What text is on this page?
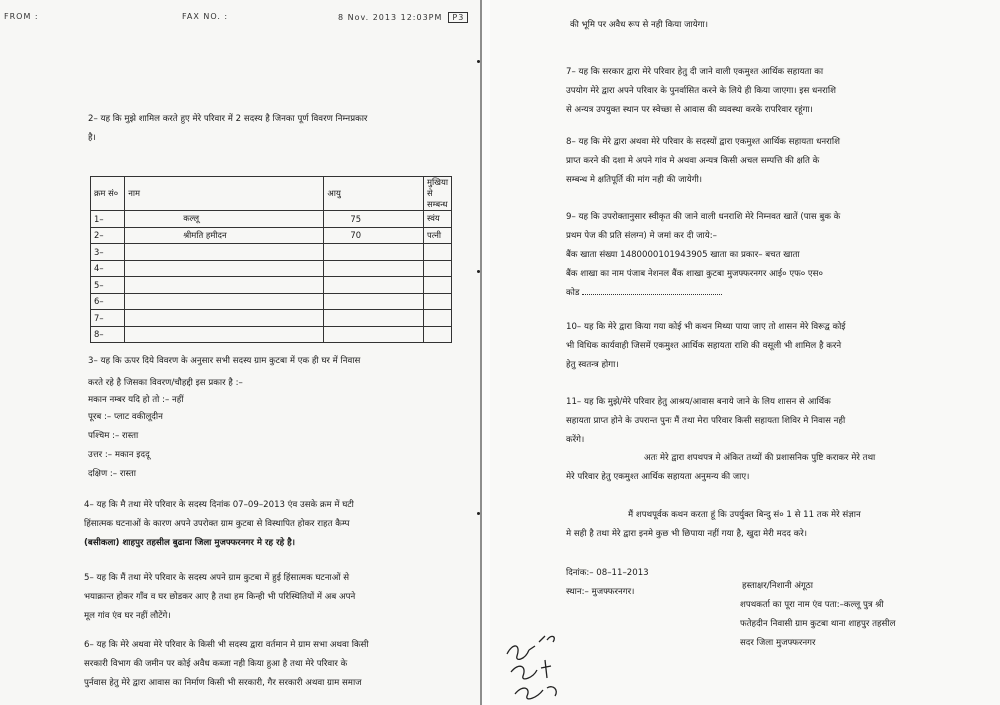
FROM :	FAX NO. :	8 Nov. 2013 12:03PM P3
2– यह कि मुझे शामिल करते हुए मेरे परिवार में 2 सदस्य है जिनका पूर्ण विवरण निम्नप्रकार
है।
क्रम सं०	नाम	आयु	मुखिया से सम्बन्ध
1–	कल्लू	75	स्वंय
2–	श्रीमति हमीदन	70	पत्नी
3–			
4–			
5–			
6–			
7–			
8–			
3– यह कि ऊपर दिये विवरण के अनुसार सभी सदस्य ग्राम कुटबा में एक ही घर में निवास
करते रहे है जिसका विवरण/चौहद्दी इस प्रकार है :–
मकान नम्बर यदि हो तो :– नहीं
पूरब :– प्लाट वकीलूदीन
पश्चिम :– रास्ता
उत्तर :– मकान इददू
दक्षिण :– रास्ता
4– यह कि मै तथा मेरे परिवार के सदस्य दिनांक 07–09–2013 एंव उसके क्रम में घटी
हिंसात्मक घटनाओं के कारण अपने उपरोक्त ग्राम कुटबा से विस्थापित होकर राहत कैम्प
(बसीकला) शाहपुर तहसील बुढाना जिला मुजफ्फरनगर मे रह रहे है।
5– यह कि मैं तथा मेरे परिवार के सदस्य अपने ग्राम कुटबा में हुई हिंसात्मक घटनाओं से
भयाक्रान्त होकर गाँव व घर छोडकर आए है तथा हम किन्ही भी परिस्थितियों में अब अपने
मूल गांव एंव घर नहीं लौटेंगे।
6– यह कि मेरे अथवा मेरे परिवार के किसी भी सदस्य द्वारा वर्तमान मे ग्राम सभा अथवा किसी
सरकारी विभाग की जमीन पर कोई अवैध कब्जा नही किया हुआ है तथा मेरे परिवार के
पुर्नवास हेतु मेरे द्वारा आवास का निर्माण किसी भी सरकारी, गैर सरकारी अथवा ग्राम समाज
की भूमि पर अवैध रूप से नही किया जायेगा।
7– यह कि सरकार द्वारा मेरे परिवार हेतु दी जाने वाली एकमुश्त आर्थिक सहायता का
उपयोग मेरे द्वारा अपने परिवार के पुनर्वासित करने के लिये ही किया जाएगा। इस धनराशि
से अन्यत्र उपयुक्त स्थान पर स्वेच्छा से आवास की व्यवस्था करके रापरिवार रहूंगा।
8– यह कि मेरे द्वारा अथवा मेरे परिवार के सदस्यों द्वारा एकमुश्त आर्थिक सहायता धनराशि
प्राप्त करने की दशा मे अपने गांव मे अथवा अन्यत्र किसी अचल सम्पत्ति की क्षति के
सम्बन्ध मे क्षतिपूर्ति की मांग नही की जायेगी।
9– यह कि उपरोक्तानुसार स्वीकृत की जाने वाली धनराशि मेरे निम्नवत खातें (पास बुक के
प्रथम पेज की प्रति संलग्न) मे जमां कर दी जाये:–
बैंक खाता संख्या 1480000101943905 खाता का प्रकार– बचत खाता
बैंक शाखा का नाम पंजाब नेशनल बैंक शाखा कुटबा मुजफ्फरनगर आई० एफ० एस०
कोड
10– यह कि मेरे द्वारा किया गया कोई भी कथन मिथ्या पाया जाए तो शासन मेरे विरूद्व कोई
भी विधिक कार्यवाही जिसमें एकमुश्त आर्थिक सहायता राशि की वसूली भी शामिल है करने
हेतु स्वतन्त्र होगा।
11– यह कि मुझे/मेरे परिवार हेतु आश्रय/आवास बनाये जाने के लिय शासन से आर्थिक
सहायता प्राप्त होने के उपरान्त पुनः मैं तथा मेरा परिवार किसी सहायता शिविर मे निवास नही
करेंगे।
अतः मेरे द्वारा शपथपत्र मे अंकित तथ्यों की प्रशासनिक पुष्टि कराकर मेरे तथा
मेरे परिवार हेतु एकमुश्त आर्थिक सहायता अनुमन्य की जाए।
मैं शपथपूर्वक कथन करता हूं कि उपर्युक्त बिन्दु सं० 1 से 11 तक मेरे संज्ञान
मे सही है तथा मेरे द्वारा इनमे कुछ भी छिपाया नहीं गया है, खुदा मेरी मदद करे।
दिनांक:– 08–11–2013
स्थान:– मुजफ्फरनगर।
हस्ताक्षर/निशानी अंगूठा
शपथकर्ता का पूरा नाम एंव पता:–कल्लू पुत्र श्री
फतेहदीन निवासी ग्राम कुटबा थाना शाहपुर तहसील
सदर जिला मुजफ्फरनगर
